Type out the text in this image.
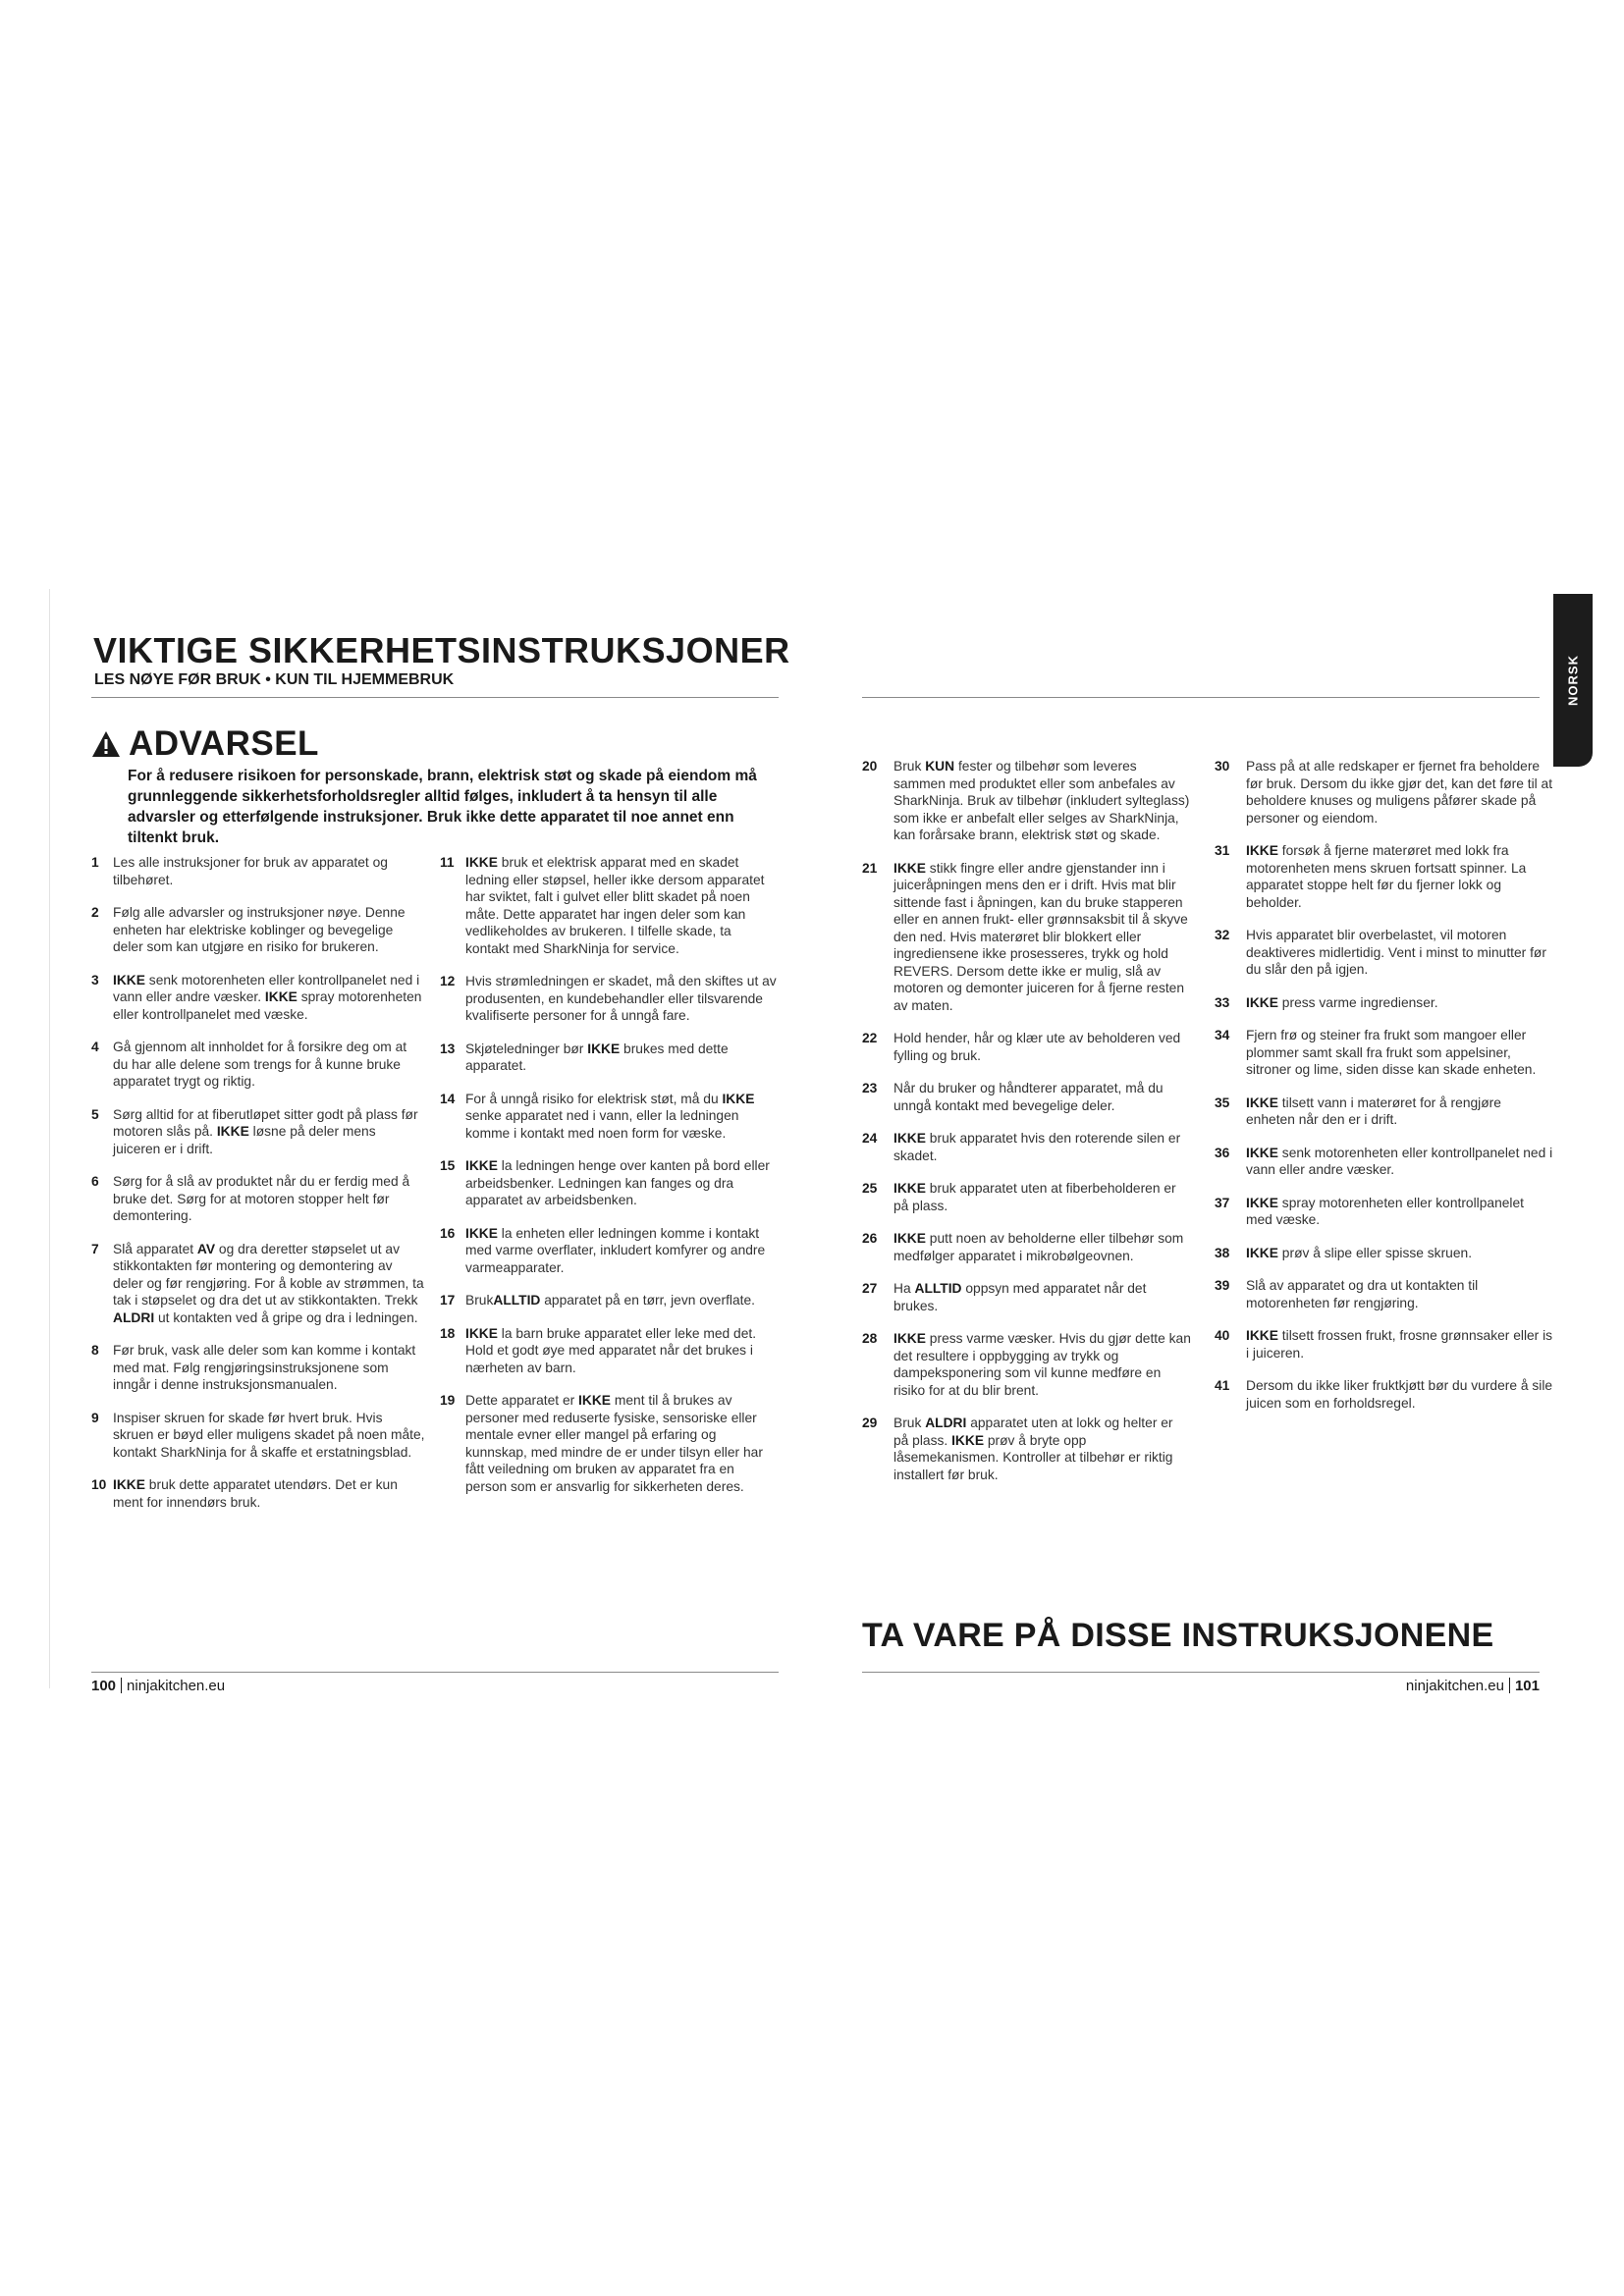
VIKTIGE SIKKERHETSINSTRUKSJONER

LES NØYE FØR BRUK • KUN TIL HJEMMEBRUK	NORSK
ADVARSEL

For å redusere risikoen for personskade, brann, elektrisk støt og skade på eiendom må grunnleggende sikkerhetsforholdsregler alltid følges, inkludert å ta hensyn til alle advarsler og etterfølgende instruksjoner. Bruk ikke dette apparatet til noe annet enn tiltenkt bruk.

1	Les alle instruksjoner for bruk av apparatet og tilbehøret.
2	Følg alle advarsler og instruksjoner nøye. Denne enheten har elektriske koblinger og bevegelige deler som kan utgjøre en risiko for brukeren.
3	IKKE senk motorenheten eller kontrollpanelet ned i vann eller andre væsker. IKKE spray motorenheten eller kontrollpanelet med væske.
4	Gå gjennom alt innholdet for å forsikre deg om at du har alle delene som trengs for å kunne bruke apparatet trygt og riktig.
5	Sørg alltid for at fiberutløpet sitter godt på plass før motoren slås på. IKKE løsne på deler mens juiceren er i drift.
6	Sørg for å slå av produktet når du er ferdig med å bruke det. Sørg for at motoren stopper helt før demontering.
7	Slå apparatet AV og dra deretter støpselet ut av stikkontakten før montering og demontering av deler og før rengjøring. For å koble av strømmen, ta tak i støpselet og dra det ut av stikkontakten. Trekk ALDRI ut kontakten ved å gripe og dra i ledningen.
8	Før bruk, vask alle deler som kan komme i kontakt med mat. Følg rengjøringsinstruksjonene som inngår i denne instruksjonsmanualen.
9	Inspiser skruen for skade før hvert bruk. Hvis skruen er bøyd eller muligens skadet på noen måte, kontakt SharkNinja for å skaffe et erstatningsblad.
10 IKKE bruk dette apparatet utendørs. Det er kun ment for innendørs bruk.
11 IKKE bruk et elektrisk apparat med en skadet ledning eller støpsel, heller ikke dersom apparatet har sviktet, falt i gulvet eller blitt skadet på noen måte. Dette apparatet har ingen deler som kan vedlikeholdes av brukeren. I tilfelle skade, ta kontakt med SharkNinja for service.
12 Hvis strømledningen er skadet, må den skiftes ut av produsenten, en kundebehandler eller tilsvarende kvalifiserte personer for å unngå fare.
13 Skjøteledninger bør IKKE brukes med dette apparatet.
14 For å unngå risiko for elektrisk støt, må du IKKE senke apparatet ned i vann, eller la ledningen komme i kontakt med noen form for væske.
15 IKKE la ledningen henge over kanten på bord eller arbeidsbenker. Ledningen kan fanges og dra apparatet av arbeidsbenken.
16 IKKE la enheten eller ledningen komme i kontakt med varme overflater, inkludert komfyrer og andre varmeapparater.
17 BrukALLTID apparatet på en tørr, jevn overflate.
18 IKKE la barn bruke apparatet eller leke med det. Hold et godt øye med apparatet når det brukes i nærheten av barn.
19 Dette apparatet er IKKE ment til å brukes av personer med reduserte fysiske, sensoriske eller mentale evner eller mangel på erfaring og kunnskap, med mindre de er under tilsyn eller har fått veiledning om bruken av apparatet fra en person som er ansvarlig for sikkerheten deres.
20	Bruk KUN fester og tilbehør som leveres sammen med produktet eller som anbefales av SharkNinja. Bruk av tilbehør (inkludert sylteglass) som ikke er anbefalt eller selges av SharkNinja, kan forårsake brann, elektrisk støt og skade.
21	IKKE stikk fingre eller andre gjenstander inn i juiceråpningen mens den er i drift. Hvis mat blir sittende fast i åpningen, kan du bruke stapperen eller en annen frukt- eller grønnsaksbit til å skyve den ned. Hvis materøret blir blokkert eller ingrediensene ikke prosesseres, trykk og hold REVERS. Dersom dette ikke er mulig, slå av motoren og demonter juiceren for å fjerne resten av maten.
22	Hold hender, hår og klær ute av beholderen ved fylling og bruk.
23	Når du bruker og håndterer apparatet, må du unngå kontakt med bevegelige deler.
24	IKKE bruk apparatet hvis den roterende silen er skadet.
25	IKKE bruk apparatet uten at fiberbeholderen er på plass.
26	IKKE putt noen av beholderne eller tilbehør som medfølger apparatet i mikrobølgeovnen.
27	Ha ALLTID oppsyn med apparatet når det brukes.
28	IKKE press varme væsker. Hvis du gjør dette kan det resultere i oppbygging av trykk og dampeksponering som vil kunne medføre en risiko for at du blir brent.
29	Bruk ALDRI apparatet uten at lokk og helter er på plass. IKKE prøv å bryte opp låsemekanismen. Kontroller at tilbehør er riktig installert før bruk.
30	Pass på at alle redskaper er fjernet fra beholdere før bruk. Dersom du ikke gjør det, kan det føre til at beholdere knuses og muligens påfører skade på personer og eiendom.
31	IKKE forsøk å fjerne materøret med lokk fra motorenheten mens skruen fortsatt spinner. La apparatet stoppe helt før du fjerner lokk og beholder.
32	Hvis apparatet blir overbelastet, vil motoren deaktiveres midlertidig. Vent i minst to minutter før du slår den på igjen.
33	IKKE press varme ingredienser.
34	Fjern frø og steiner fra frukt som mangoer eller plommer samt skall fra frukt som appelsiner, sitroner og lime, siden disse kan skade enheten.
35	IKKE tilsett vann i materøret for å rengjøre enheten når den er i drift.
36	IKKE senk motorenheten eller kontrollpanelet ned i vann eller andre væsker.
37	IKKE spray motorenheten eller kontrollpanelet med væske.
38	IKKE prøv å slipe eller spisse skruen.
39	Slå av apparatet og dra ut kontakten til motorenheten før rengjøring.
40	IKKE tilsett frossen frukt, frosne grønnsaker eller is i juiceren.
41	Dersom du ikke liker fruktkjøtt bør du vurdere å sile juicen som en forholdsregel.
TA VARE PÅ DISSE INSTRUKSJONENE
100 ninjakitchen.eu	ninjakitchen.eu 101
